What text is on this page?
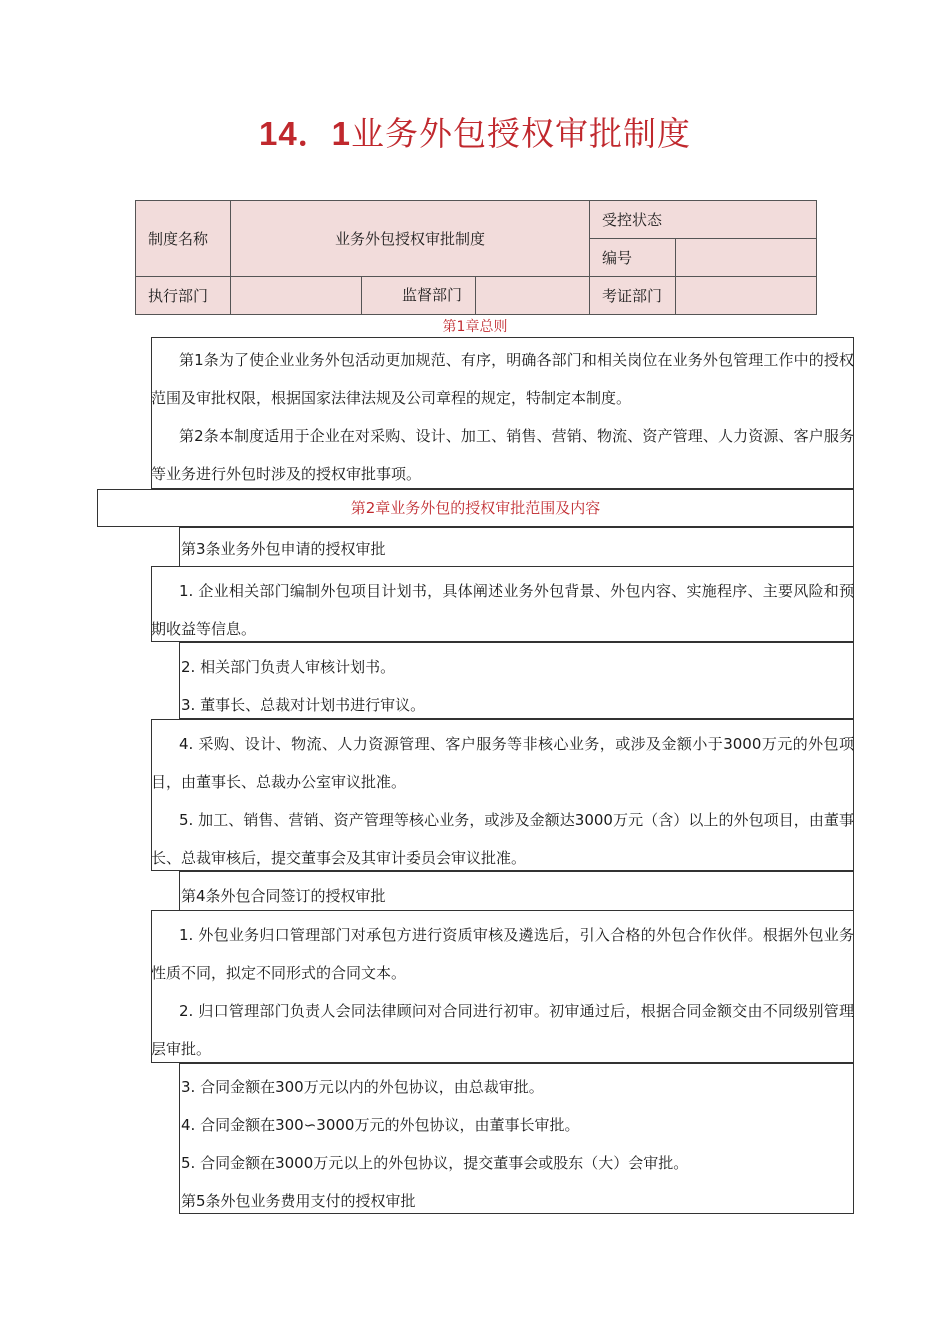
14．1业务外包授权审批制度
制度名称	业务外包授权审批制度			受控状态	
				编号	
执行部门		监督部门		考证部门	
第1章总则
第1条为了使企业业务外包活动更加规范、有序，明确各部门和相关岗位在业务外包管理工作中的授权范围及审批权限，根据国家法律法规及公司章程的规定，特制定本制度。
第2条本制度适用于企业在对采购、设计、加工、销售、营销、物流、资产管理、人力资源、客户服务等业务进行外包时涉及的授权审批事项。
第2章业务外包的授权审批范围及内容
第3条业务外包申请的授权审批
1. 企业相关部门编制外包项目计划书，具体阐述业务外包背景、外包内容、实施程序、主要风险和预期收益等信息。
2. 相关部门负责人审核计划书。
3. 董事长、总裁对计划书进行审议。
4. 采购、设计、物流、人力资源管理、客户服务等非核心业务，或涉及金额小于3000万元的外包项目，由董事长、总裁办公室审议批准。
5. 加工、销售、营销、资产管理等核心业务，或涉及金额达3000万元（含）以上的外包项目，由董事长、总裁审核后，提交董事会及其审计委员会审议批准。
第4条外包合同签订的授权审批
1. 外包业务归口管理部门对承包方进行资质审核及遴选后，引入合格的外包合作伙伴。根据外包业务性质不同，拟定不同形式的合同文本。
2. 归口管理部门负责人会同法律顾问对合同进行初审。初审通过后，根据合同金额交由不同级别管理层审批。
3. 合同金额在300万元以内的外包协议，由总裁审批。
4. 合同金额在300∽3000万元的外包协议，由董事长审批。
5. 合同金额在3000万元以上的外包协议，提交董事会或股东（大）会审批。
第5条外包业务费用支付的授权审批
